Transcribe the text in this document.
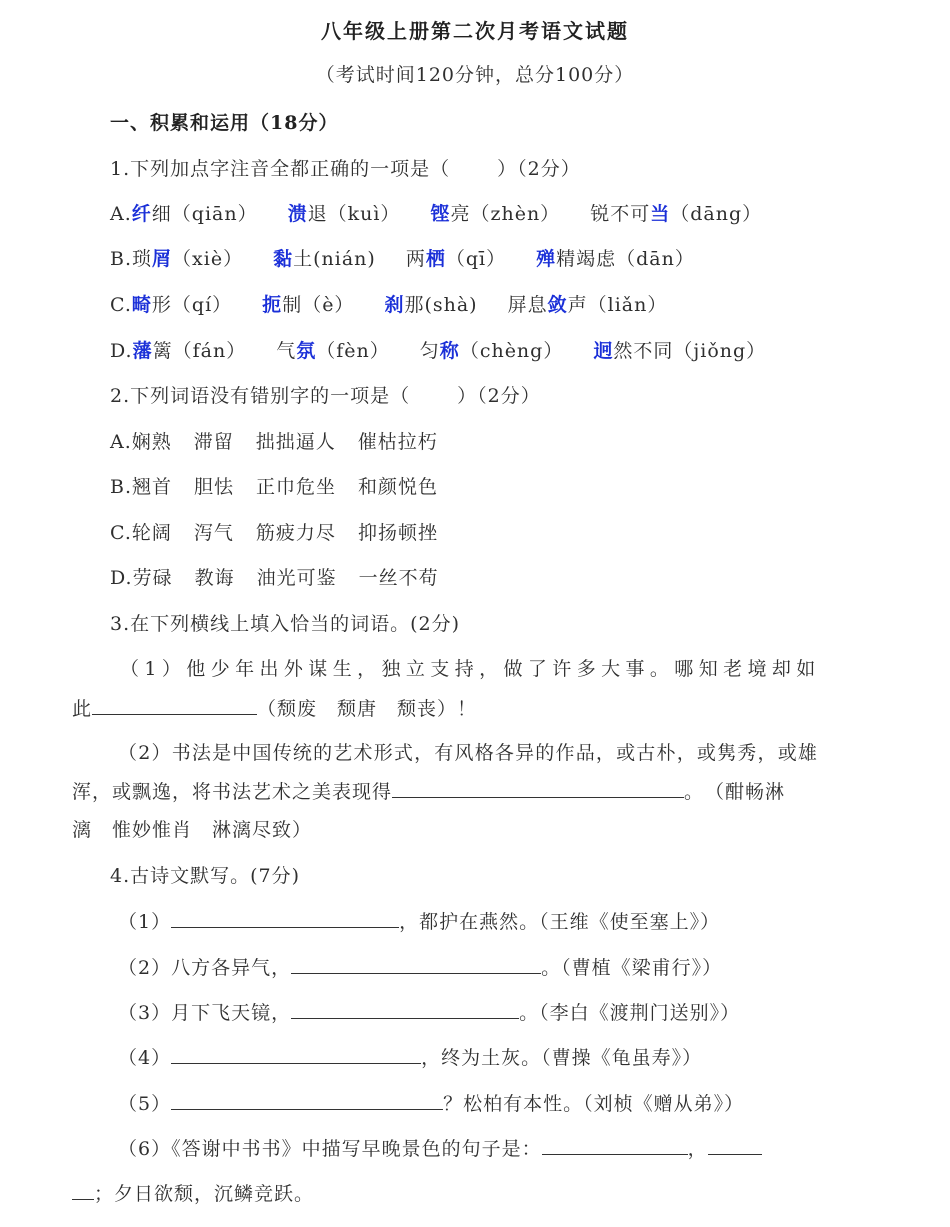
八年级上册第二次月考语文试题
（考试时间120分钟，总分100分）
一、积累和运用（18分）
1.下列加点字注音全都正确的一项是（　　 ）（2分）
A.纤细（qiān） 溃退（kuì） 铿亮（zhèn） 锐不可当（dāng）
B.琐屑（xiè） 黏土(nián) 两栖（qī） 殚精竭虑（dān）
C.畸形（qí） 扼制（è） 刹那(shà) 屏息敛声（liǎn）
D.藩篱（fán） 气氛（fèn） 匀称（chèng） 迥然不同（jiǒng）
2.下列词语没有错别字的一项是（　　 ）（2分）
A.娴熟 滞留 拙拙逼人 催枯拉朽
B.翘首 胆怯 正巾危坐 和颜悦色
C.轮阔 泻气 筋疲力尽 抑扬顿挫
D.劳碌 教诲 油光可鉴 一丝不苟
3.在下列横线上填入恰当的词语。(2分)
（1）他少年出外谋生，独立支持，做了许多大事。哪知老境却如
此	（颓废　颓唐　颓丧）！
（2）书法是中国传统的艺术形式，有风格各异的作品，或古朴，或隽秀，或雄
浑，或飘逸，将书法艺术之美表现得	。　（酣畅淋
漓　惟妙惟肖　淋漓尽致）
4.古诗文默写。(7分)
（1）	，都护在燕然。（王维《使至塞上》）
（2）八方各异气，	。（曹植《梁甫行》）
（3）月下飞天镜，	。（李白《渡荆门送别》）
（4）	，终为土灰。（曹操《龟虽寿》）
（5）	？松柏有本性。（刘桢《赠从弟》）
（6）《答谢中书书》中描写早晚景色的句子是：	，
；夕日欲颓，沉鳞竞跃。
